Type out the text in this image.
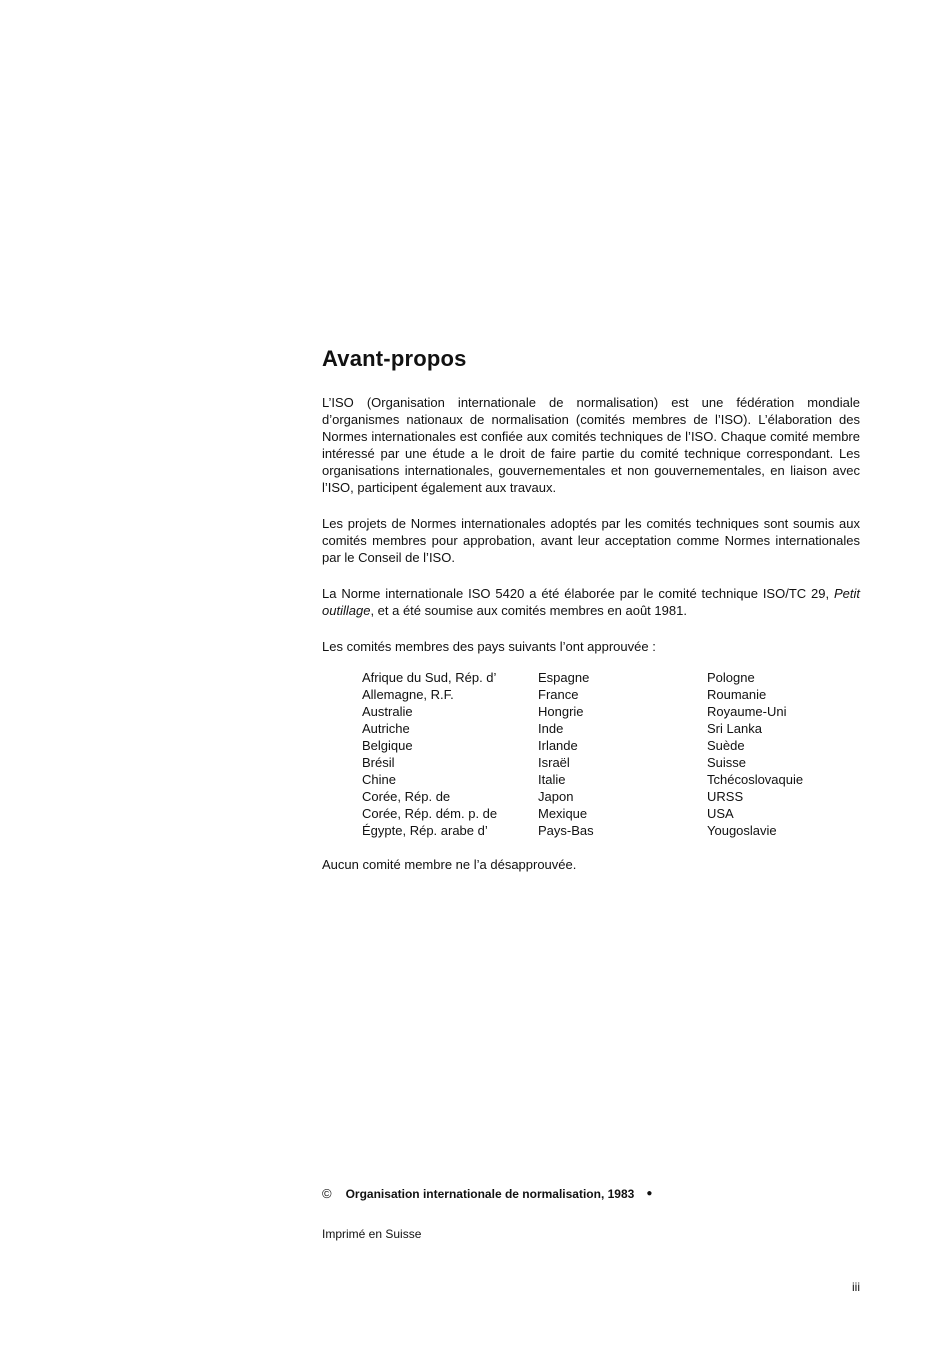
Avant-propos

L’ISO (Organisation internationale de normalisation) est une fédération mondiale d’organismes nationaux de normalisation (comités membres de l’ISO). L’élaboration des Normes internationales est confiée aux comités techniques de l’ISO. Chaque comité membre intéressé par une étude a le droit de faire partie du comité technique correspondant. Les organisations internationales, gouvernementales et non gouvernementales, en liaison avec l’ISO, participent également aux travaux.

Les projets de Normes internationales adoptés par les comités techniques sont soumis aux comités membres pour approbation, avant leur acceptation comme Normes internationales par le Conseil de l’ISO.

La Norme internationale ISO 5420 a été élaborée par le comité technique ISO/TC 29, Petit outillage, et a été soumise aux comités membres en août 1981.

Les comités membres des pays suivants l’ont approuvée :

Afrique du Sud, Rép. d’
Allemagne, R.F.
Australie
Autriche
Belgique
Brésil
Chine
Corée, Rép. de
Corée, Rép. dém. p. de
Égypte, Rép. arabe d’
Espagne
France
Hongrie
Inde
Irlande
Israël
Italie
Japon
Mexique
Pays-Bas
Pologne
Roumanie
Royaume-Uni
Sri Lanka
Suède
Suisse
Tchécoslovaquie
URSS
USA
Yougoslavie

Aucun comité membre ne l’a désapprouvée.

© Organisation internationale de normalisation, 1983 ●
Imprimé en Suisse
iii
